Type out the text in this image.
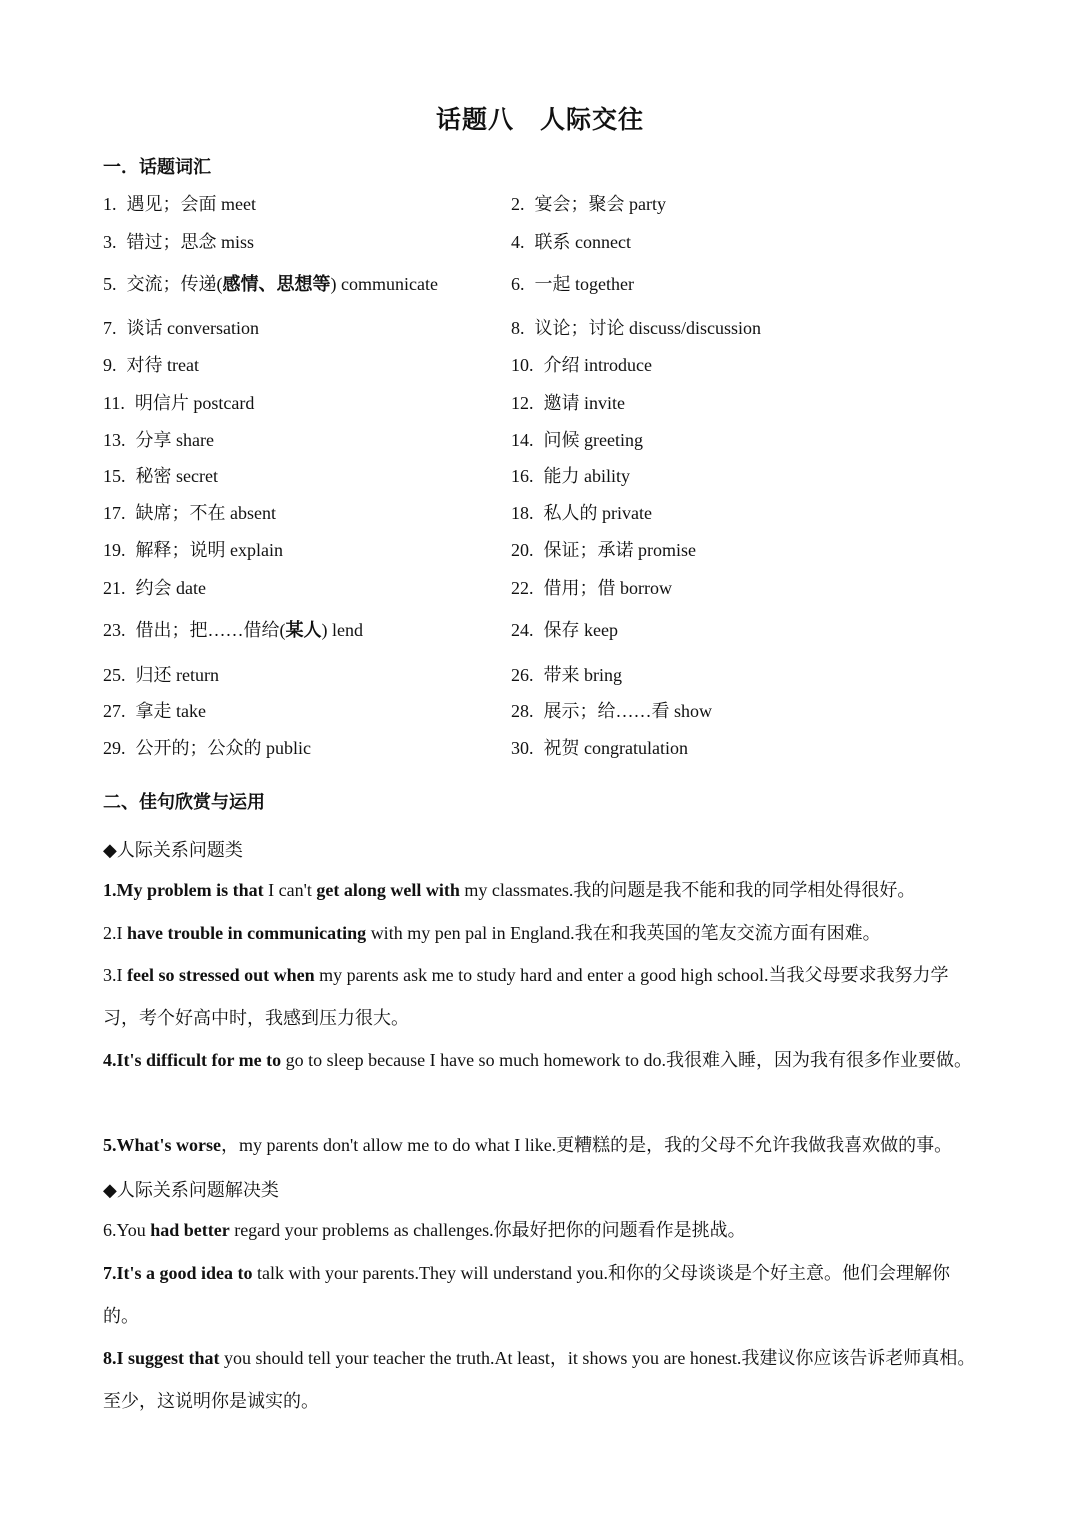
话题八　人际交往
一．话题词汇
1. 遇见；会面 meet
3. 错过；思念 miss
5. 交流；传递(感情、思想等) communicate
7. 谈话 conversation
9. 对待 treat
11. 明信片 postcard
13. 分享 share
15. 秘密 secret
17. 缺席；不在 absent
19. 解释；说明 explain
21. 约会 date
23. 借出；把……借给(某人) lend
25. 归还 return
27. 拿走 take
29. 公开的；公众的 public
2. 宴会；聚会 party
4. 联系 connect
6. 一起 together
8. 议论；讨论 discuss/discussion
10. 介绍 introduce
12. 邀请 invite
14. 问候 greeting
16. 能力 ability
18. 私人的 private
20. 保证；承诺 promise
22. 借用；借 borrow
24. 保存 keep
26. 带来 bring
28. 展示；给……看 show
30. 祝贺 congratulation
二、佳句欣赏与运用
◆人际关系问题类
1.My problem is that I can't get along well with my classmates.我的问题是我不能和我的同学相处得很好。
2.I have trouble in communicating with my pen pal in England.我在和我英国的笔友交流方面有困难。
3.I feel so stressed out when my parents ask me to study hard and enter a good high school.当我父母要求我努力学习，考个好高中时，我感到压力很大。
4.It's difficult for me to go to sleep because I have so much homework to do.我很难入睡，因为我有很多作业要做。
5.What's worse，my parents don't allow me to do what I like.更糟糕的是，我的父母不允许我做我喜欢做的事。
◆人际关系问题解决类
6.You had better regard your problems as challenges.你最好把你的问题看作是挑战。
7.It's a good idea to talk with your parents.They will understand you.和你的父母谈谈是个好主意。他们会理解你的。
8.I suggest that you should tell your teacher the truth.At least，it shows you are honest.我建议你应该告诉老师真相。至少，这说明你是诚实的。
